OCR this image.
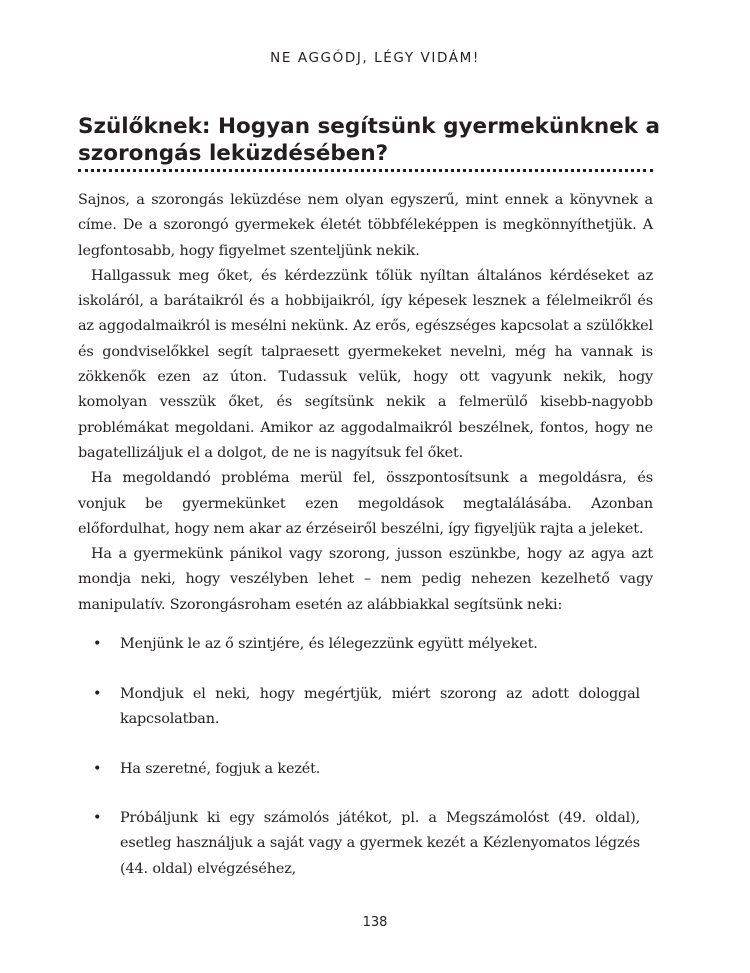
NE AGGÓDJ, LÉGY VIDÁM!
Szülőknek: Hogyan segítsünk gyermekünknek a szorongás leküzdésében?

Sajnos, a szorongás leküzdése nem olyan egyszerű, mint ennek a könyvnek a címe. De a szorongó gyermekek életét többféleképpen is megkönnyíthetjük. A legfontosabb, hogy figyelmet szenteljünk nekik.

Hallgassuk meg őket, és kérdezzünk tőlük nyíltan általános kérdéseket az iskoláról, a barátaikról és a hobbijaikról, így képesek lesznek a félelmeikről és az aggodalmaikról is mesélni nekünk. Az erős, egészséges kapcsolat a szülőkkel és gondviselőkkel segít talpraesett gyermekeket nevelni, még ha vannak is zökkenők ezen az úton. Tudassuk velük, hogy ott vagyunk nekik, hogy komolyan vesszük őket, és segítsünk nekik a felmerülő kisebb-nagyobb problémákat megoldani. Amikor az aggodalmaikról beszélnek, fontos, hogy ne bagatellizáljuk el a dolgot, de ne is nagyítsuk fel őket.

Ha megoldandó probléma merül fel, összpontosítsunk a megoldásra, és vonjuk be gyermekünket ezen megoldások megtalálásába. Azonban előfordulhat, hogy nem akar az érzéseiről beszélni, így figyeljük rajta a jeleket.

Ha a gyermekünk pánikol vagy szorong, jusson eszünkbe, hogy az agya azt mondja neki, hogy veszélyben lehet – nem pedig nehezen kezelhető vagy manipulatív. Szorongásroham esetén az alábbiakkal segítsünk neki:

• Menjünk le az ő szintjére, és lélegezzünk együtt mélyeket.
• Mondjuk el neki, hogy megértjük, miért szorong az adott dologgal kapcsolatban.
• Ha szeretné, fogjuk a kezét.
• Próbáljunk ki egy számolós játékot, pl. a Megszámolóst (49. oldal), esetleg használjuk a saját vagy a gyermek kezét a Kézlenyomatos légzés (44. oldal) elvégzéséhez,
138
